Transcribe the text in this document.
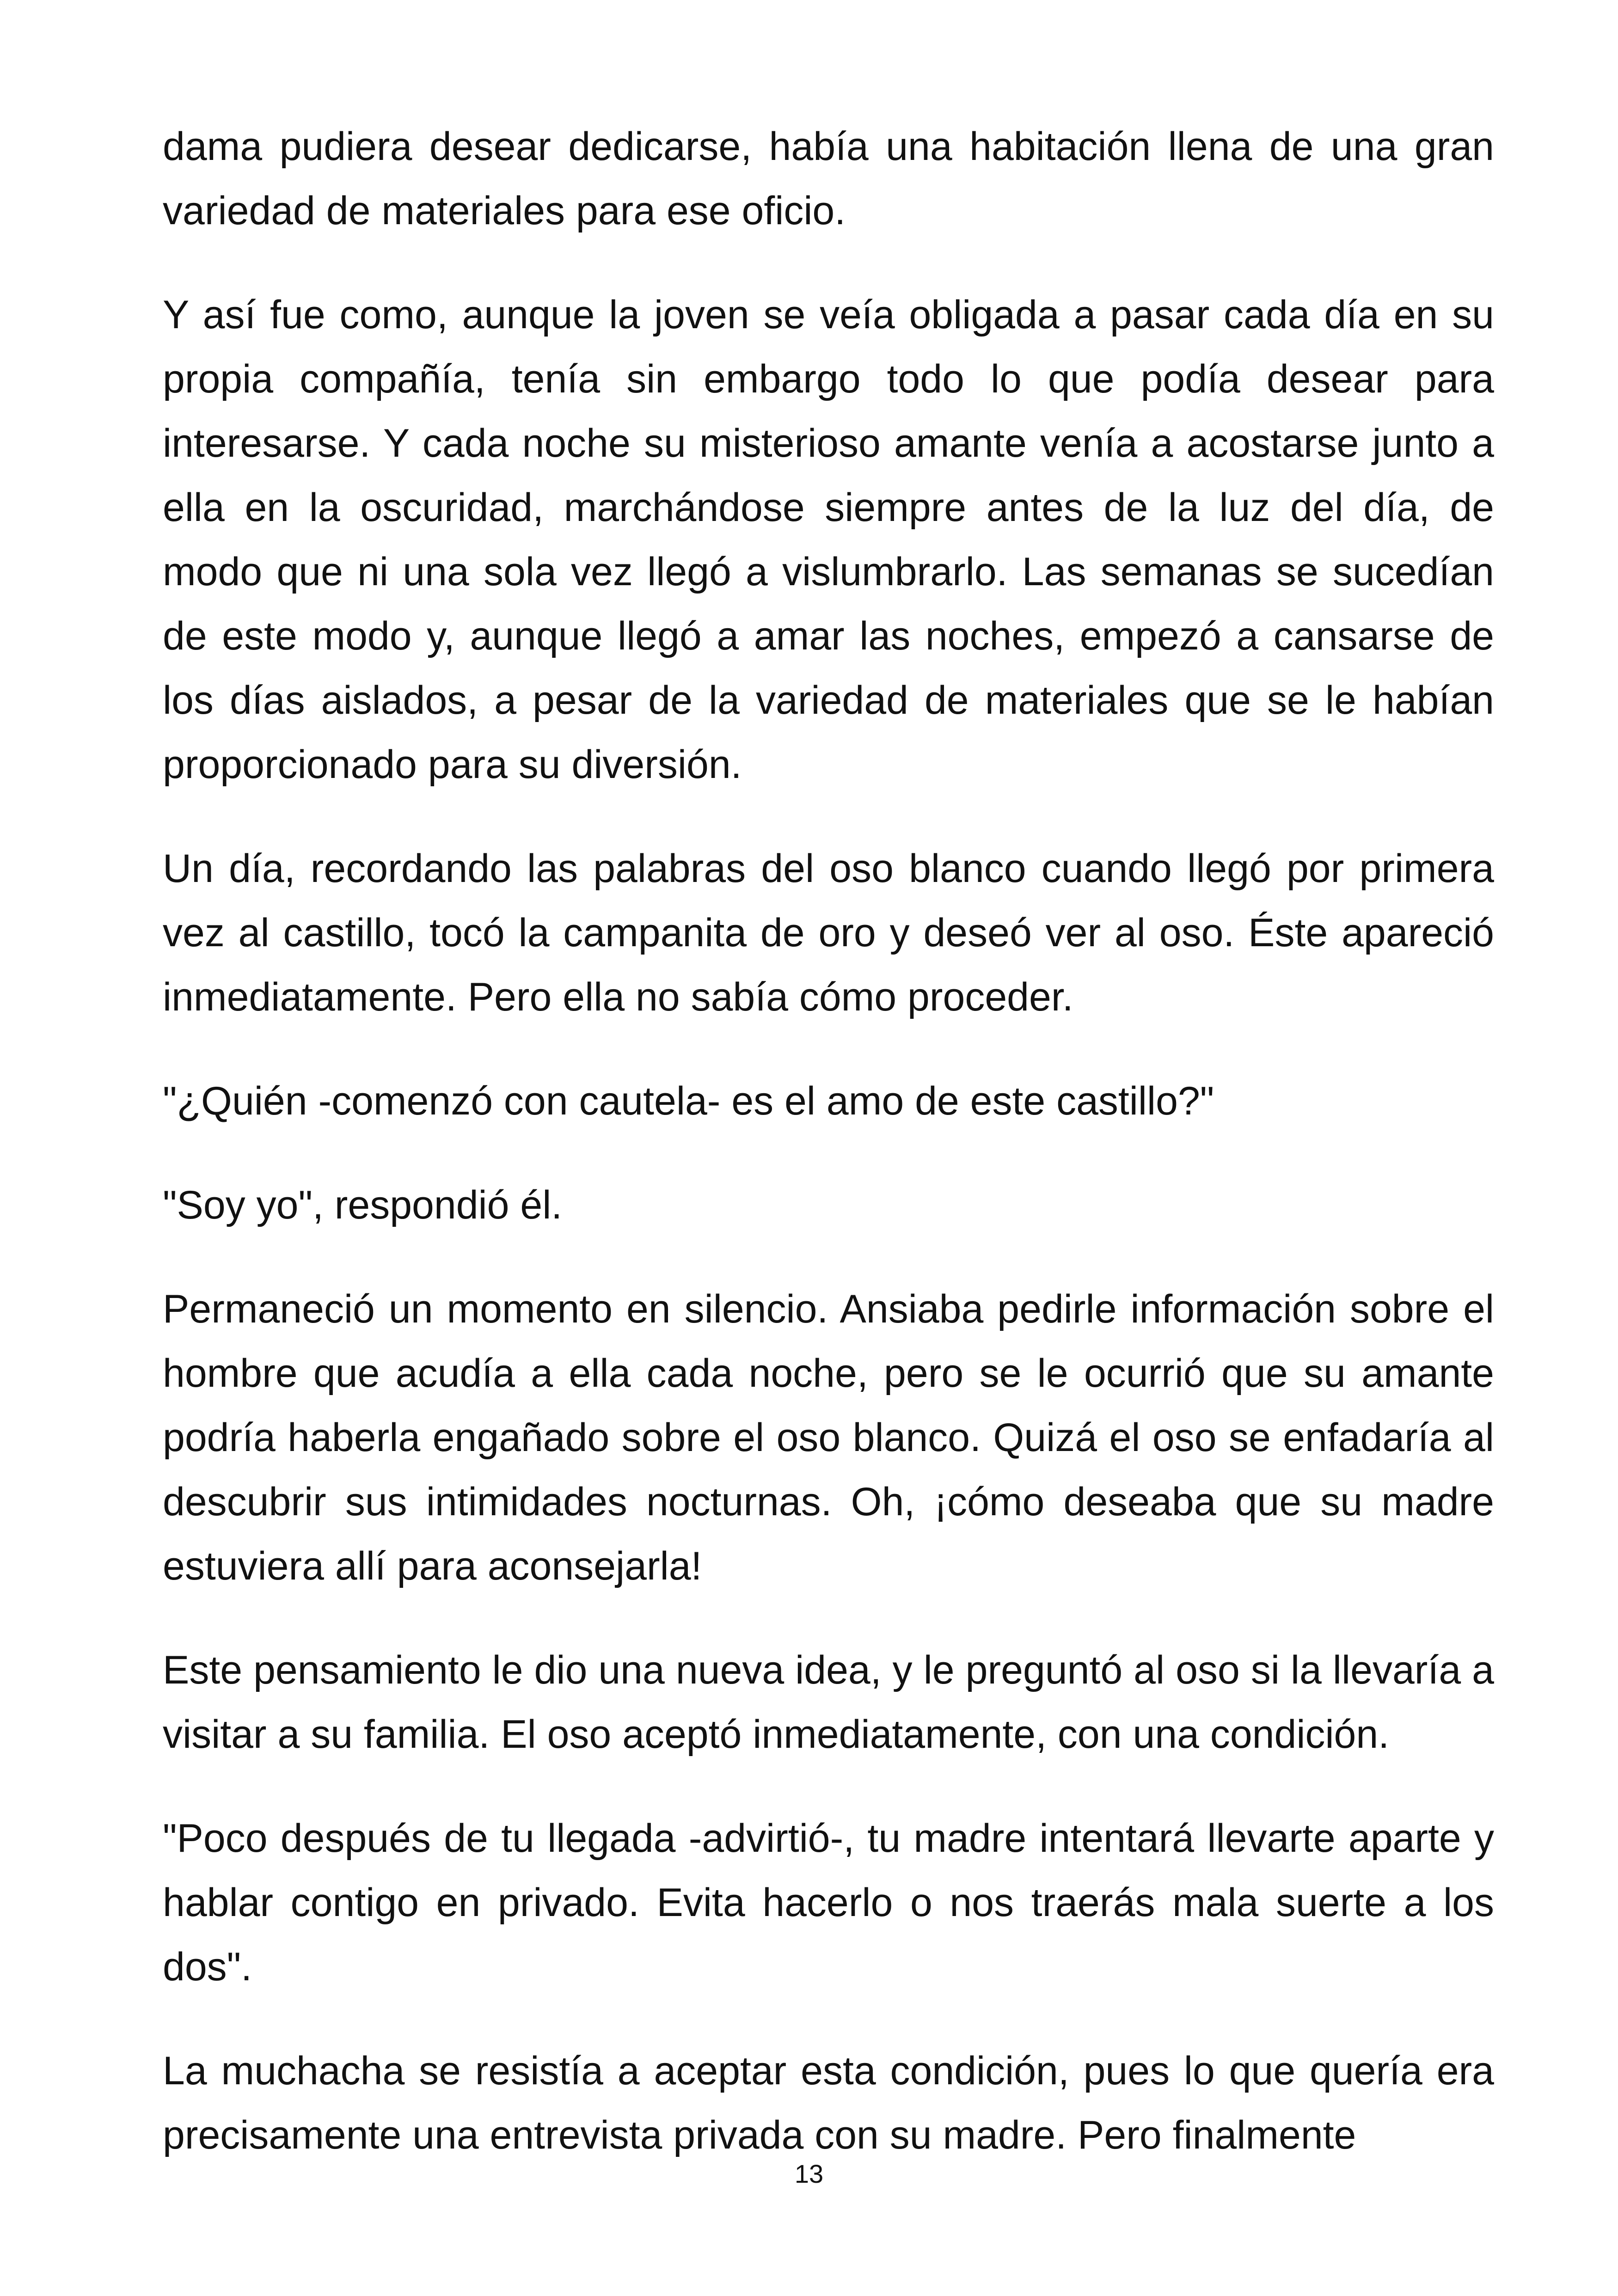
dama pudiera desear dedicarse, había una habitación llena de una gran variedad de materiales para ese oficio.

Y así fue como, aunque la joven se veía obligada a pasar cada día en su propia compañía, tenía sin embargo todo lo que podía desear para interesarse. Y cada noche su misterioso amante venía a acostarse junto a ella en la oscuridad, marchándose siempre antes de la luz del día, de modo que ni una sola vez llegó a vislumbrarlo. Las semanas se sucedían de este modo y, aunque llegó a amar las noches, empezó a cansarse de los días aislados, a pesar de la variedad de materiales que se le habían proporcionado para su diversión.

Un día, recordando las palabras del oso blanco cuando llegó por primera vez al castillo, tocó la campanita de oro y deseó ver al oso. Éste apareció inmediatamente. Pero ella no sabía cómo proceder.

"¿Quién -comenzó con cautela- es el amo de este castillo?"

"Soy yo", respondió él.

Permaneció un momento en silencio. Ansiaba pedirle información sobre el hombre que acudía a ella cada noche, pero se le ocurrió que su amante podría haberla engañado sobre el oso blanco. Quizá el oso se enfadaría al descubrir sus intimidades nocturnas. Oh, ¡cómo deseaba que su madre estuviera allí para aconsejarla!

Este pensamiento le dio una nueva idea, y le preguntó al oso si la llevaría a visitar a su familia. El oso aceptó inmediatamente, con una condición.

"Poco después de tu llegada -advirtió-, tu madre intentará llevarte aparte y hablar contigo en privado. Evita hacerlo o nos traerás mala suerte a los dos".

La muchacha se resistía a aceptar esta condición, pues lo que quería era precisamente una entrevista privada con su madre. Pero finalmente

13
